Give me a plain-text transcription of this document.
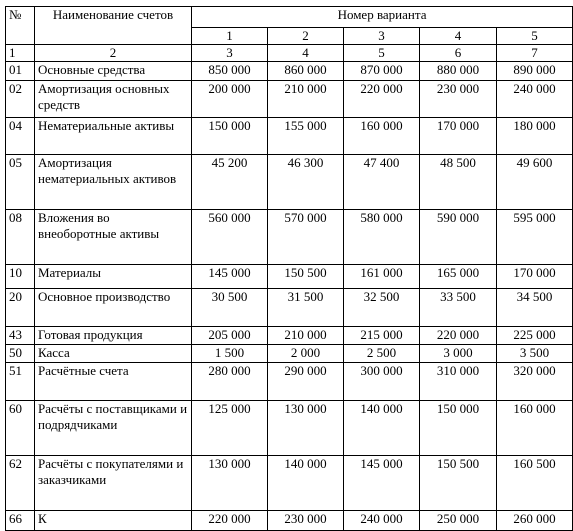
№	Наименование счетов	Номер варианта				
		1	2	3	4	5
1	2	3	4	5	6	7
01	Основные средства	850 000	860 000	870 000	880 000	890 000
02	Амортизация основных средств	200 000	210 000	220 000	230 000	240 000
04	Нематериальные активы	150 000	155 000	160 000	170 000	180 000
05	Амортизация нематериальных активов	45 200	46 300	47 400	48 500	49 600
08	Вложения во внеоборотные активы	560 000	570 000	580 000	590 000	595 000
10	Материалы	145 000	150 500	161 000	165 000	170 000
20	Основное производство	30 500	31 500	32 500	33 500	34 500
43	Готовая продукция	205 000	210 000	215 000	220 000	225 000
50	Касса	1 500	2 000	2 500	3 000	3 500
51	Расчётные счета	280 000	290 000	300 000	310 000	320 000
60	Расчёты с поставщиками и подрядчиками	125 000	130 000	140 000	150 000	160 000
62	Расчёты с покупателями и заказчиками	130 000	140 000	145 000	150 500	160 500
66	К	220 000	230 000	240 000	250 000	260 000
